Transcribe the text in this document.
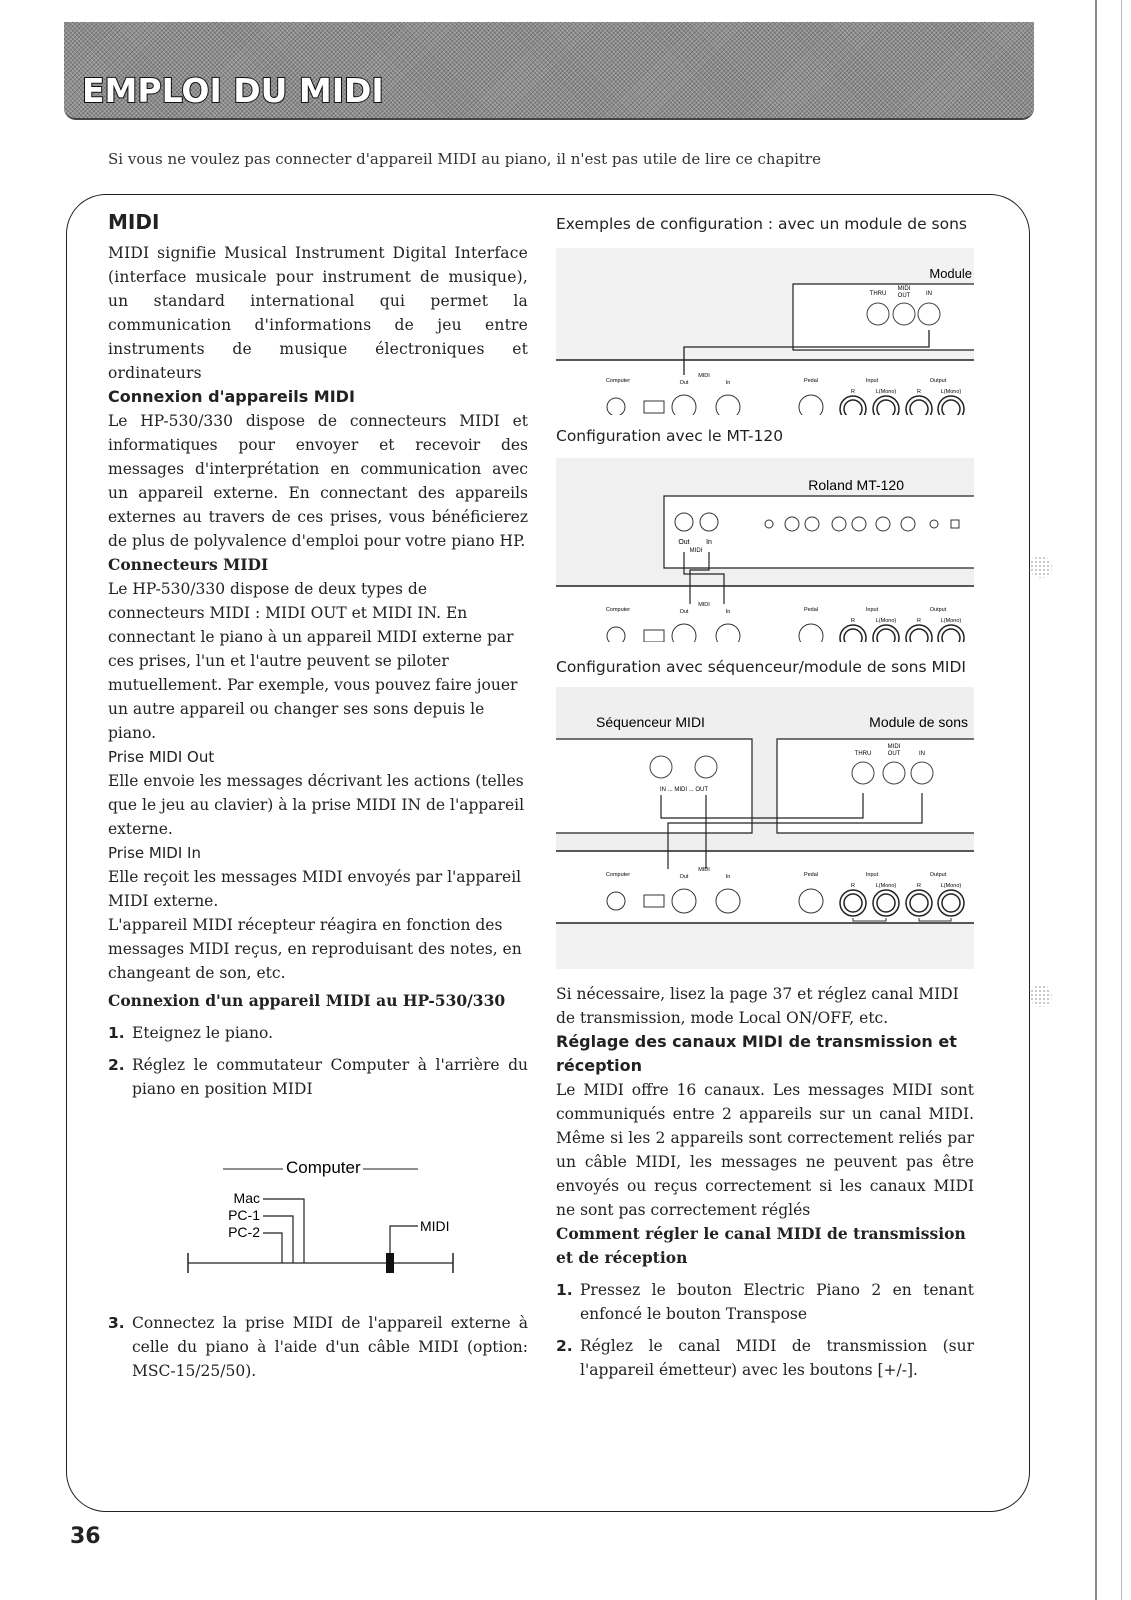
EMPLOI DU MIDI
Si vous ne voulez pas connecter d'appareil MIDI au piano, il n'est pas utile de lire ce chapitre
MIDI

MIDI signifie Musical Instrument Digital Interface (interface musicale pour instrument de musique), un standard international qui permet la communication d'informations de jeu entre instruments de musique électroniques et ordinateurs

Connexion d'appareils MIDI

Le HP-530/330 dispose de connecteurs MIDI et informatiques pour envoyer et recevoir des messages d'interprétation en communication avec un appareil externe. En connectant des appareils externes au travers de ces prises, vous bénéficierez de plus de polyvalence d'emploi pour votre piano HP.

Connecteurs MIDI

Le HP-530/330 dispose de deux types de connecteurs MIDI : MIDI OUT et MIDI IN. En connectant le piano à un appareil MIDI externe par ces prises, l'un et l'autre peuvent se piloter mutuellement. Par exemple, vous pouvez faire jouer un autre appareil ou changer ses sons depuis le piano.

Prise MIDI Out

Elle envoie les messages décrivant les actions (telles que le jeu au clavier) à la prise MIDI IN de l'appareil externe.

Prise MIDI In

Elle reçoit les messages MIDI envoyés par l'appareil MIDI externe.

L'appareil MIDI récepteur réagira en fonction des messages MIDI reçus, en reproduisant des notes, en changeant de son, etc.

Connexion d'un appareil MIDI au HP-530/330
1. Eteignez le piano.
2. Réglez le commutateur Computer à l'arrière du piano en position MIDI
Computer
Mac
PC-1
PC-2	MIDI
3. Connectez la prise MIDI de l'appareil externe à celle du piano à l'aide d'un câble MIDI (option: MSC-15/25/50).
Exemples de configuration : avec un module de sons
Module
THRU
MIDI
OUT	IN
Computer
MIDI
Out	In	Pedal	Input	Output
R	L(Mono)	R	L(Mono)
Configuration avec le MT-120
Roland MT-120
Out
MIDI
In
Computer
MIDI
Out	In	Pedal	Input	Output
R	L(Mono)	R	L(Mono)
Configuration avec séquenceur/module de sons MIDI
Séquenceur MIDI	Module de sons
IN ... MIDI ... OUT
MIDI
THRU	OUT	IN
Computer
MIDI
Out	In	Pedal	Input	Output
R	L(Mono)	R	L(Mono)

Si nécessaire, lisez la page 37 et réglez canal MIDI de transmission, mode Local ON/OFF, etc.

Réglage des canaux MIDI de transmission et réception

Le MIDI offre 16 canaux. Les messages MIDI sont communiqués entre 2 appareils sur un canal MIDI. Même si les 2 appareils sont correctement reliés par un câble MIDI, les messages ne peuvent pas être envoyés ou reçus correctement si les canaux MIDI ne sont pas correctement réglés

Comment régler le canal MIDI de transmission et de réception
1. Pressez le bouton Electric Piano 2 en tenant enfoncé le bouton Transpose
2. Réglez le canal MIDI de transmission (sur l'appareil émetteur) avec les boutons [+/-].
36
